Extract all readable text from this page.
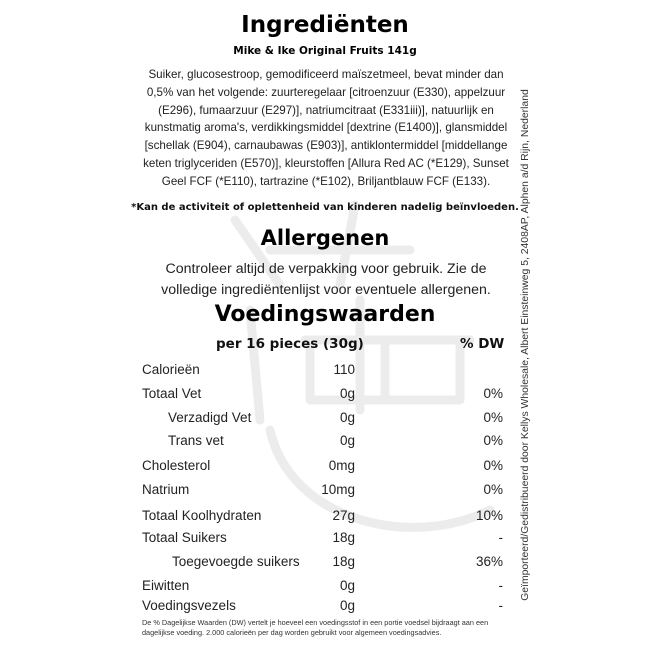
Ingrediënten
Mike & Ike Original Fruits 141g
Suiker, glucosestroop, gemodificeerd maïszetmeel, bevat minder dan 0,5% van het volgende: zuurteregelaar [citroenzuur (E330), appelzuur (E296), fumaarzuur (E297)], natriumcitraat (E331iii)], natuurlijk en kunstmatig aroma's, verdikkingsmiddel [dextrine (E1400)], glansmiddel [schellak (E904), carnaubawas (E903)], antiklontermiddel [middellange keten triglyceriden (E570)], kleurstoffen [Allura Red AC (*E129), Sunset Geel FCF (*E110), tartrazine (*E102), Briljantblauw FCF (E133).
*Kan de activiteit of oplettenheid van kinderen nadelig beïnvloeden.
Allergenen
Controleer altijd de verpakking voor gebruik. Zie de volledige ingrediëntenlijst voor eventuele allergenen.
Voedingswaarden
per 16 pieces (30g)	% DW
Calorieën	110
Totaal Vet	0g	0%
Verzadigd Vet	0g	0%
Trans vet	0g	0%
Cholesterol	0mg	0%
Natrium	10mg	0%
Totaal Koolhydraten	27g	10%
Totaal Suikers	18g	-
Toegevoegde suikers	18g	36%
Eiwitten	0g	-
Voedingsvezels	0g	-
De % Dagelijkse Waarden (DW) vertelt je hoeveel een voedingsstof in een portie voedsel bijdraagt aan een dagelijkse voeding. 2.000 calorieën per dag worden gebruikt voor algemeen voedingsadvies.
Geïmporteerd/Gedistribueerd door Kellys Wholesale, Albert Einsteinweg 5, 2408AP, Alphen a/d Rijn, Nederland
